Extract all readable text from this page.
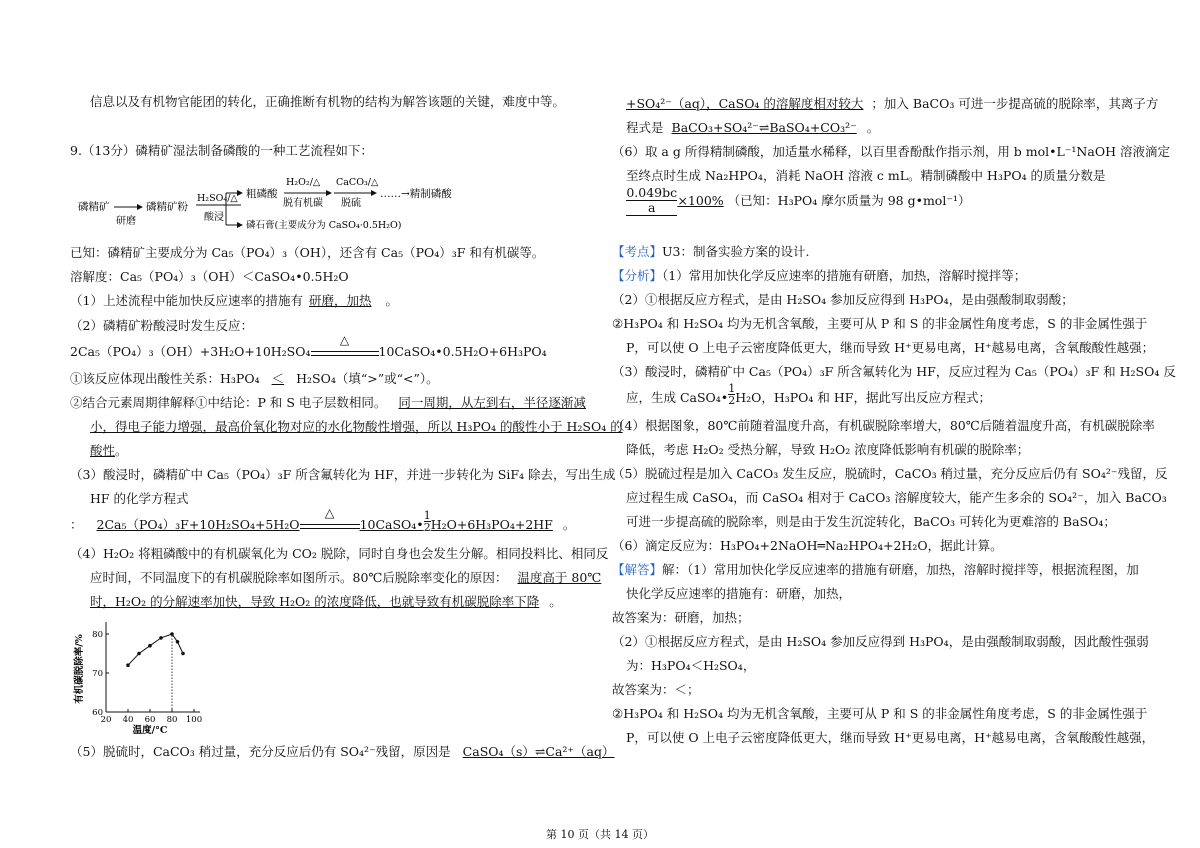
信息以及有机物官能团的转化，正确推断有机物的结构为解答该题的关键，难度中等。
9.（13分）磷精矿湿法制备磷酸的一种工艺流程如下：
磷精矿
研磨
磷精矿粉
H₂SO₄/△
酸浸
粗磷酸
H₂O₂/△
脱有机碳
CaCO₃/△
脱硫
……→精制磷酸
磷石膏(主要成分为 CaSO₄·0.5H₂O)
已知：磷精矿主要成分为 Ca₅（PO₄）₃（OH），还含有 Ca₅（PO₄）₃F 和有机碳等。
溶解度：Ca₅（PO₄）₃（OH）＜CaSO₄•0.5H₂O
（1）上述流程中能加快反应速率的措施有 研磨，加热 。
（2）磷精矿粉酸浸时发生反应：
2Ca₅（PO₄）₃（OH）+3H₂O+10H₂SO₄
△
10CaSO₄•0.5H₂O+6H₃PO₄
①该反应体现出酸性关系：H₃PO₄ ＜ H₂SO₄（填“>”或“<”）。
②结合元素周期律解释①中结论：P 和 S 电子层数相同。 同一周期，从左到右，半径逐渐减
小，得电子能力增强，最高价氧化物对应的水化物酸性增强，所以 H₃PO₄ 的酸性小于 H₂SO₄ 的
酸性。
（3）酸浸时，磷精矿中 Ca₅（PO₄）₃F 所含氟转化为 HF，并进一步转化为 SiF₄ 除去，写出生成
HF 的化学方程式
： 2Ca₅（PO₄）₃F+10H₂SO₄+5H₂O
△
10CaSO₄• $\frac{1}{2} H_2O+6H_3PO_4+2HF$ 。
（4）H₂O₂ 将粗磷酸中的有机碳氧化为 CO₂ 脱除，同时自身也会发生分解。相同投料比、相同反
应时间，不同温度下的有机碳脱除率如图所示。80℃后脱除率变化的原因： 温度高于 80℃
时，H₂O₂ 的分解速率加快，导致 H₂O₂ 的浓度降低，也就导致有机碳脱除率下降 。
20 40 60 80 100
60
70
80
温度/°C
有机碳脱除率/%
（5）脱硫时，CaCO₃ 稍过量，充分反应后仍有 SO₄²⁻残留，原因是 CaSO₄（s）⇌Ca²⁺（aq）
+SO₄²⁻（aq），CaSO₄ 的溶解度相对较大 ；加入 BaCO₃ 可进一步提高硫的脱除率，其离子方
程式是 BaCO₃+SO₄²⁻⇌BaSO₄+CO₃²⁻ 。
（6）取 a g 所得精制磷酸，加适量水稀释，以百里香酚酞作指示剂，用 b mol•L⁻¹NaOH 溶液滴定
至终点时生成 Na₂HPO₄，消耗 NaOH 溶液 c mL。精制磷酸中 H₃PO₄ 的质量分数是
$\frac{0.049bc}{a} \times 100\%$ （已知：H₃PO₄ 摩尔质量为 98 g•mol⁻¹）
【考点】U3：制备实验方案的设计.
【分析】（1）常用加快化学反应速率的措施有研磨，加热，溶解时搅拌等；
（2）①根据反应方程式，是由 H₂SO₄ 参加反应得到 H₃PO₄，是由强酸制取弱酸；
②H₃PO₄ 和 H₂SO₄ 均为无机含氧酸，主要可从 P 和 S 的非金属性角度考虑，S 的非金属性强于
P，可以使 O 上电子云密度降低更大，继而导致 H⁺更易电离，H⁺越易电离，含氧酸酸性越强；
（3）酸浸时，磷精矿中 Ca₅（PO₄）₃F 所含氟转化为 HF，反应过程为 Ca₅（PO₄）₃F 和 H₂SO₄ 反
应，生成 CaSO₄• $\frac{1}{2} H_2O$，H₃PO₄ 和 HF，据此写出反应方程式；
（4）根据图象，80℃前随着温度升高，有机碳脱除率增大，80℃后随着温度升高，有机碳脱除率
降低，考虑 H₂O₂ 受热分解，导致 H₂O₂ 浓度降低影响有机碳的脱除率；
（5）脱硫过程是加入 CaCO₃ 发生反应，脱硫时，CaCO₃ 稍过量，充分反应后仍有 SO₄²⁻残留，反
应过程生成 CaSO₄，而 CaSO₄ 相对于 CaCO₃ 溶解度较大，能产生多余的 SO₄²⁻，加入 BaCO₃
可进一步提高硫的脱除率，则是由于发生沉淀转化，BaCO₃ 可转化为更难溶的 BaSO₄；
（6）滴定反应为：H₃PO₄+2NaOH═Na₂HPO₄+2H₂O，据此计算。
【解答】解：（1）常用加快化学反应速率的措施有研磨，加热，溶解时搅拌等，根据流程图，加
快化学反应速率的措施有：研磨，加热，
故答案为：研磨，加热；
（2）①根据反应方程式，是由 H₂SO₄ 参加反应得到 H₃PO₄，是由强酸制取弱酸，因此酸性强弱
为：H₃PO₄＜H₂SO₄，
故答案为：＜；
②H₃PO₄ 和 H₂SO₄ 均为无机含氧酸，主要可从 P 和 S 的非金属性角度考虑，S 的非金属性强于
P，可以使 O 上电子云密度降低更大，继而导致 H⁺更易电离，H⁺越易电离，含氧酸酸性越强，
第 10 页（共 14 页）
